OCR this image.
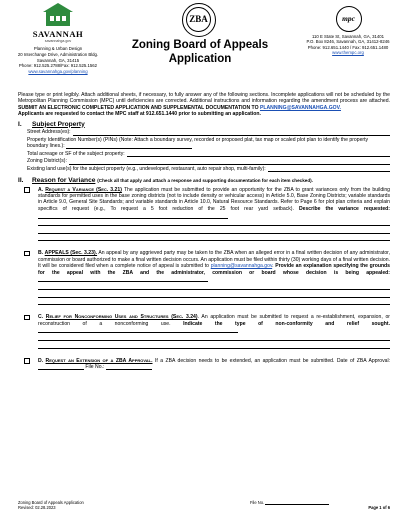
SAVANNAH
savannahga.gov
Planning & Urban Design
20 Interchange Drive, Administration Bldg.
Savannah, GA, 31415
Phone: 912.525.2788/Fax: 912.525.1562
www.savannahga.gov/planning
ZBA
Zoning Board of Appeals
Application
mpc
110 E State St, Savannah, GA, 31401
P.O. Box 8246, Savannah, GA, 31412-8246
Phone: 912.651.1440 / Fax: 912.651.1480
www.thempc.org

Please type or print legibly. Attach additional sheets, if necessary, to fully answer any of the following sections. Incomplete applications will not be scheduled by the Metropolitan Planning Commission (MPC) until deficiencies are corrected. Additional instructions and information regarding the amendment process are attached. SUBMIT AN ELECTRONIC COMPLETED APPLICATION AND SUPPLEMENTAL DOCUMENTATION TO PLANNING@SAVANNAHGA.GOV.

Applicants are requested to contact the MPC staff at 912.651.1440 prior to submitting an application.

I. Subject Property
Street Address(es):
Property Identification Number(s) (PINs) (Note: Attach a boundary survey, recorded or proposed plat, tax map or scaled plot plan to identify the property boundary lines.):
Total acreage or SF of the subject property:
Zoning District(s):
Existing land use(s) for the subject property (e.g., undeveloped, restaurant, auto repair shop, multi-family):
II. Reason for Variance (Check all that apply and attach a response and supporting documentation for each item checked).

A. Request a Variance (Sec. 3.21) The application must be submitted to provide an opportunity for the ZBA to grant variances only from the building standards for permitted uses in the base zoning districts (not to include density or vehicular access) in Article 5.0, Base Zoning Districts; variable standards in Article 9.0, General Site Standards; and variable standards in Article 10.0, Natural Resource Standards. Refer to Page 6 for plot plan criteria and explain specifics of request (e.g., To request a 5 foot reduction of the 25 foot rear yard setback). Describe the variance requested:

B. APPEALS (Sec. 3.23). An appeal by any aggrieved party may be taken to the ZBA when an alleged error in a final written decision of any administrator, commission or board authorized to make a final written decision occurs. An application must be filed within thirty (30) working days of a final written decision. It will be considered filed when a complete notice of appeal is submitted to planning@savannahga.gov. Provide an explanation specifying the grounds for the appeal with the ZBA and the administrator, commission or board whose decision is being appealed:

C. Relief for Nonconforming Uses and Structures (Sec. 3.24). An application must be submitted to request a re-establishment, expansion, or reconstruction of a nonconforming use. Indicate the type of non-conformity and relief sought.

D. Request an Extension of a ZBA Approval. If a ZBA decision needs to be extended, an application must be submitted. Date of ZBA Approval:  File No.:

Zoning Board of Appeals Application
Revised: 02.28.2023
File No.
Page 1 of 6
